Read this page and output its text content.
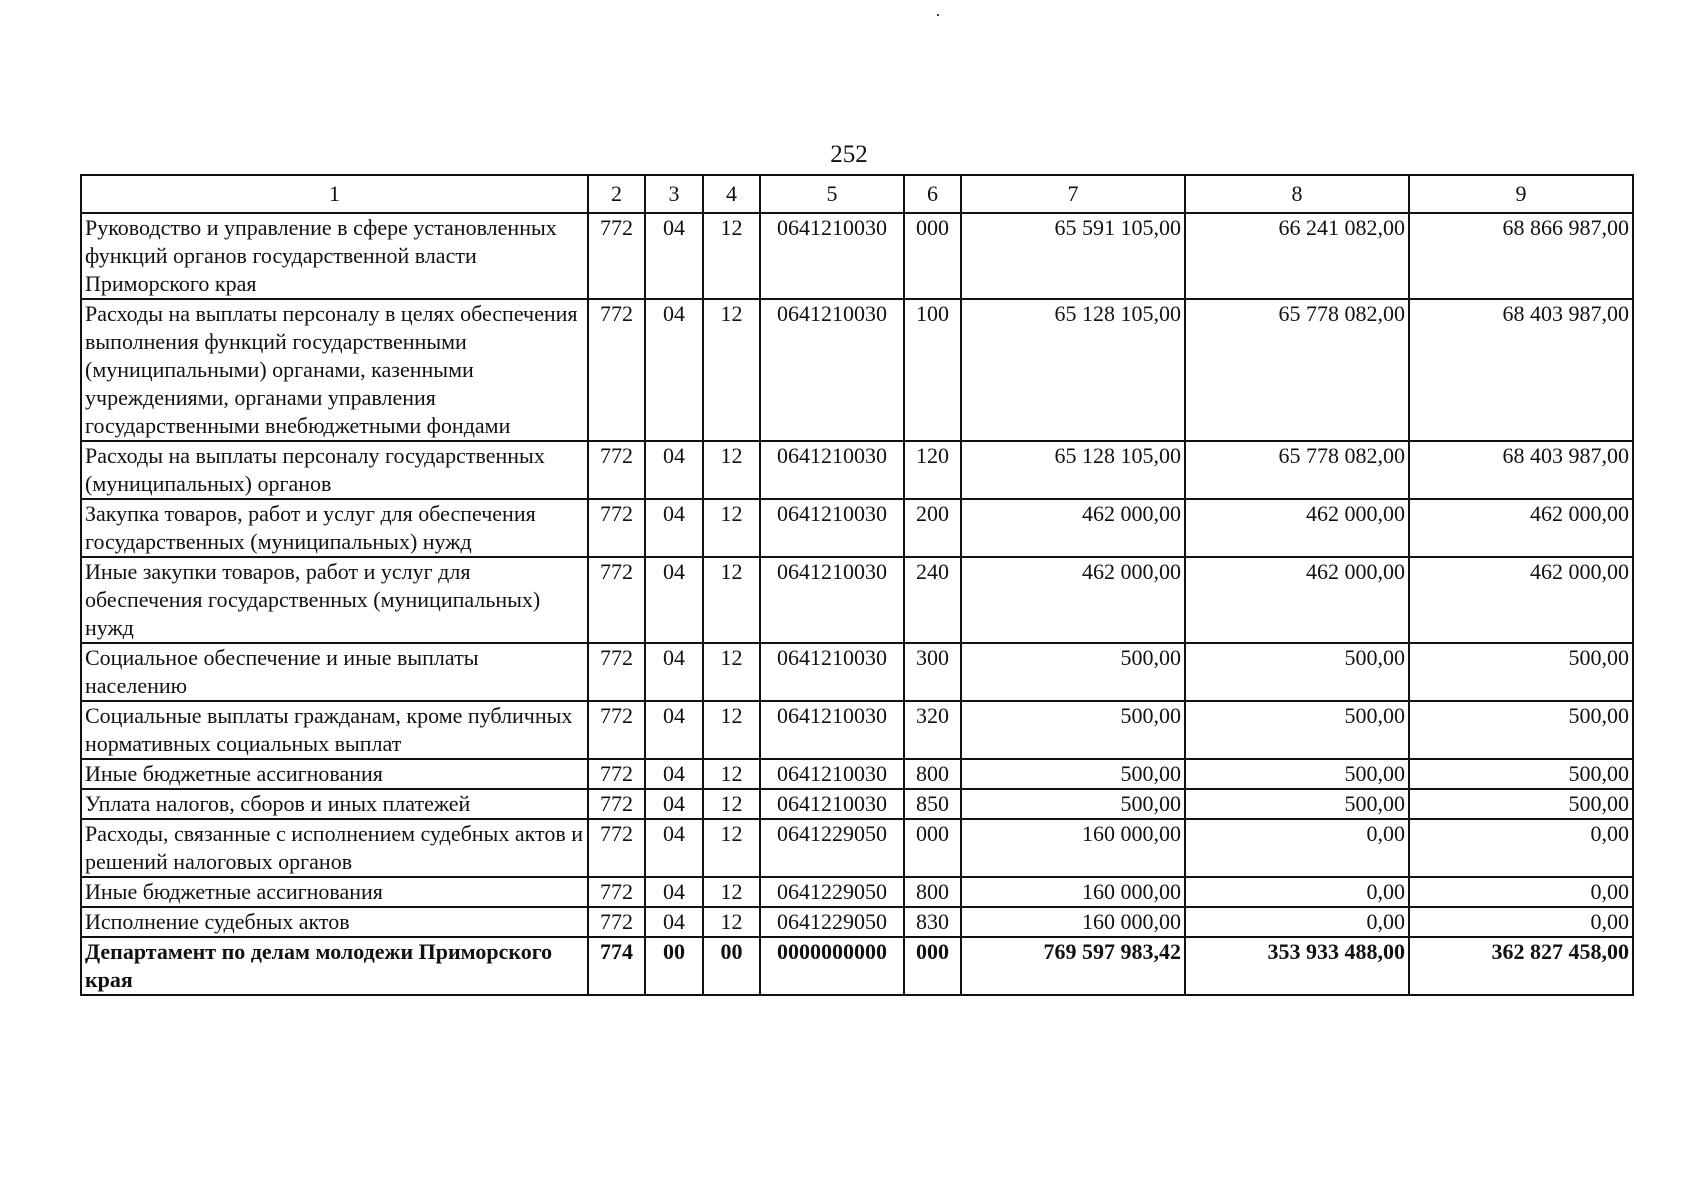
252
1	2	3	4	5	6	7	8	9
Руководство и управление в сфере установленных функций органов государственной власти Приморского края	772	04	12	0641210030	000	65 591 105,00	66 241 082,00	68 866 987,00
Расходы на выплаты персоналу в целях обеспечения выполнения функций государственными (муниципальными) органами, казенными учреждениями, органами управления государственными внебюджетными фондами	772	04	12	0641210030	100	65 128 105,00	65 778 082,00	68 403 987,00
Расходы на выплаты персоналу государственных (муниципальных) органов	772	04	12	0641210030	120	65 128 105,00	65 778 082,00	68 403 987,00
Закупка товаров, работ и услуг для обеспечения государственных (муниципальных) нужд	772	04	12	0641210030	200	462 000,00	462 000,00	462 000,00
Иные закупки товаров, работ и услуг для обеспечения государственных (муниципальных) нужд	772	04	12	0641210030	240	462 000,00	462 000,00	462 000,00
Социальное обеспечение и иные выплаты населению	772	04	12	0641210030	300	500,00	500,00	500,00
Социальные выплаты гражданам, кроме публичных нормативных социальных выплат	772	04	12	0641210030	320	500,00	500,00	500,00
Иные бюджетные ассигнования	772	04	12	0641210030	800	500,00	500,00	500,00
Уплата налогов, сборов и иных платежей	772	04	12	0641210030	850	500,00	500,00	500,00
Расходы, связанные с исполнением судебных актов и решений налоговых органов	772	04	12	0641229050	000	160 000,00	0,00	0,00
Иные бюджетные ассигнования	772	04	12	0641229050	800	160 000,00	0,00	0,00
Исполнение судебных актов	772	04	12	0641229050	830	160 000,00	0,00	0,00
Департамент по делам молодежи Приморского края	774	00	00	0000000000	000	769 597 983,42	353 933 488,00	362 827 458,00
